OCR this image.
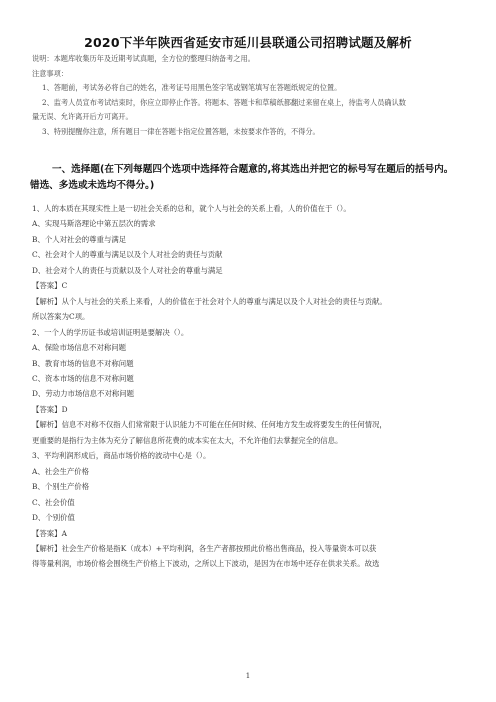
2020下半年陕西省延安市延川县联通公司招聘试题及解析
说明：本题库收集历年及近期考试真题，全方位的整理归纳备考之用。
注意事项：
1、答题前，考试务必将自己的姓名，准考证号用黑色签字笔或钢笔填写在答题纸规定的位置。
2、监考人员宣布考试结束时，你应立即停止作答。将题本、答题卡和草稿纸都翻过来留在桌上，待监考人员确认数
量无误、允许离开后方可离开。
3、特别提醒你注意，所有题目一律在答题卡指定位置答题，未按要求作答的，不得分。
一、选择题(在下列每题四个选项中选择符合题意的,将其选出并把它的标号写在题后的括号内。
错选、多选或未选均不得分。)

1、人的本质在其现实性上是一切社会关系的总和，就个人与社会的关系上看，人的价值在于（）。

A、实现马斯洛理论中第五层次的需求

B、个人对社会的尊重与满足

C、社会对个人的尊重与满足以及个人对社会的责任与贡献

D、社会对个人的责任与贡献以及个人对社会的尊重与满足

【答案】C

【解析】从个人与社会的关系上来看，人的价值在于社会对个人的尊重与满足以及个人对社会的责任与贡献。

所以答案为C项。

2、一个人的学历证书或培训证明是要解决（）。

A、保险市场信息不对称问题

B、教育市场的信息不对称问题

C、资本市场的信息不对称问题

D、劳动力市场信息不对称问题

【答案】D

【解析】信息不对称不仅指人们常常限于认识能力不可能在任何时候、任何地方发生或将要发生的任何情况，

更重要的是指行为主体为充分了解信息所花费的成本实在太大，不允许他们去掌握完全的信息。

3、平均利润形成后，商品市场价格的波动中心是（）。

A、社会生产价格

B、个别生产价格

C、社会价值

D、个别价值

【答案】A

【解析】社会生产价格是指K（成本）+平均利润，各生产者都按照此价格出售商品，投入等量资本可以获

得等量利润，市场价格会围绕生产价格上下波动，之所以上下波动，是因为在市场中还存在供求关系。故选

1
